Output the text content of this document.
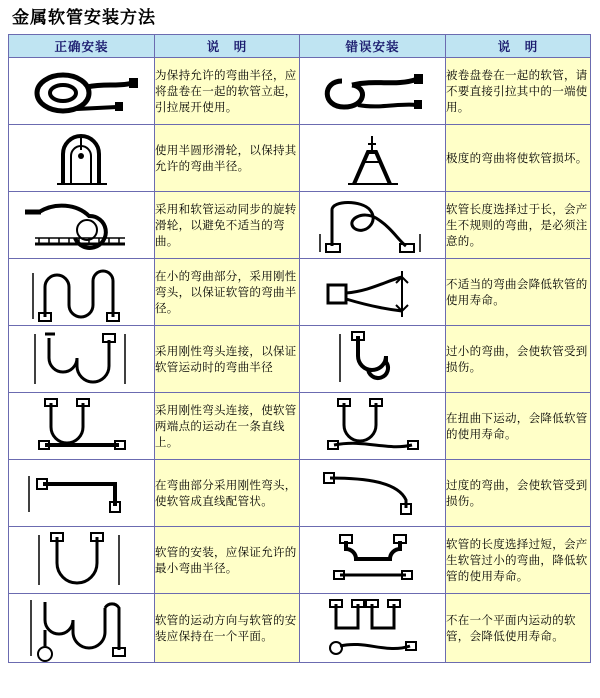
金属软管安装方法
正确安装	说　明	错误安装	说　明

	为保持允许的弯曲半径，应将盘卷在一起的软管立起，引拉展开使用。		被卷盘卷在一起的软管，请不要直接引拉其中的一端使用。

	使用半圆形滑轮，以保持其允许的弯曲半径。		极度的弯曲将使软管损坏。

	采用和软管运动同步的旋转滑轮，以避免不适当的弯曲。		软管长度选择过于长，会产生不规则的弯曲，是必须注意的。

	在小的弯曲部分，采用刚性弯头，以保证软管的弯曲半径。		不适当的弯曲会降低软管的使用寿命。

	采用刚性弯头连接，以保证软管运动时的弯曲半径		过小的弯曲，会使软管受到损伤。

	采用刚性弯头连接，使软管两端点的运动在一条直线上。		在扭曲下运动，会降低软管的使用寿命。

	在弯曲部分采用刚性弯头，使软管成直线配管状。		过度的弯曲，会使软管受到损伤。

	软管的安装，应保证允许的最小弯曲半径。		软管的长度选择过短，会产生软管过小的弯曲，降低软管的使用寿命。

	软管的运动方向与软管的安装应保持在一个平面。		不在一个平面内运动的软管，会降低使用寿命。
